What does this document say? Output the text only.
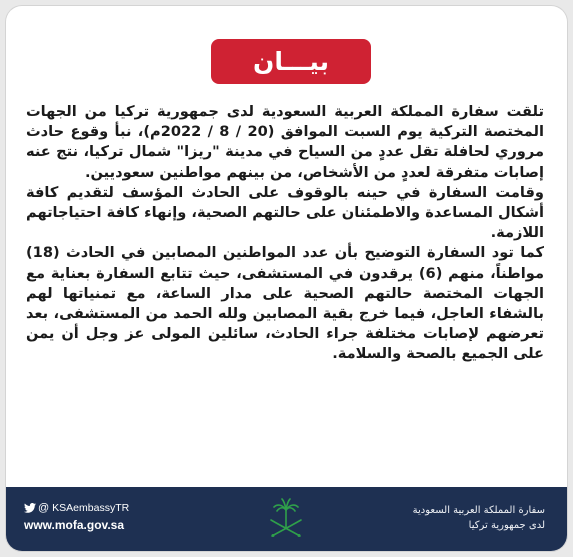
بيـــان

تلقت سفارة المملكة العربية السعودية لدى جمهورية تركيا من الجهات المختصة التركية يوم السبت الموافق (20 / 8 / 2022م)، نبأ وقوع حادث مروري لحافلة تقل عددٍ من السياح في مدينة "ريزا" شمال تركيا، نتج عنه إصابات متفرقة لعددٍ من الأشخاص، من بينهم مواطنين سعوديين.

وقامت السفارة في حينه بالوقوف على الحادث المؤسف لتقديم كافة أشكال المساعدة والاطمئنان على حالتهم الصحية، وإنهاء كافة احتياجاتهم اللازمة.

كما تود السفارة التوضيح بأن عدد المواطنين المصابين في الحادث (18) مواطناً، منهم (6) يرقدون في المستشفى، حيث تتابع السفارة بعناية مع الجهات المختصة حالتهم الصحية على مدار الساعة، مع تمنياتها لهم بالشفاء العاجل، فيما خرج بقية المصابين ولله الحمد من المستشفى، بعد تعرضهم لإصابات مختلفة جراء الحادث، سائلين المولى عز وجل أن يمن على الجميع بالصحة والسلامة.

@ KSAembassyTR
www.mofa.gov.sa
سفارة المملكة العربية السعودية
لدى جمهورية تركيا
